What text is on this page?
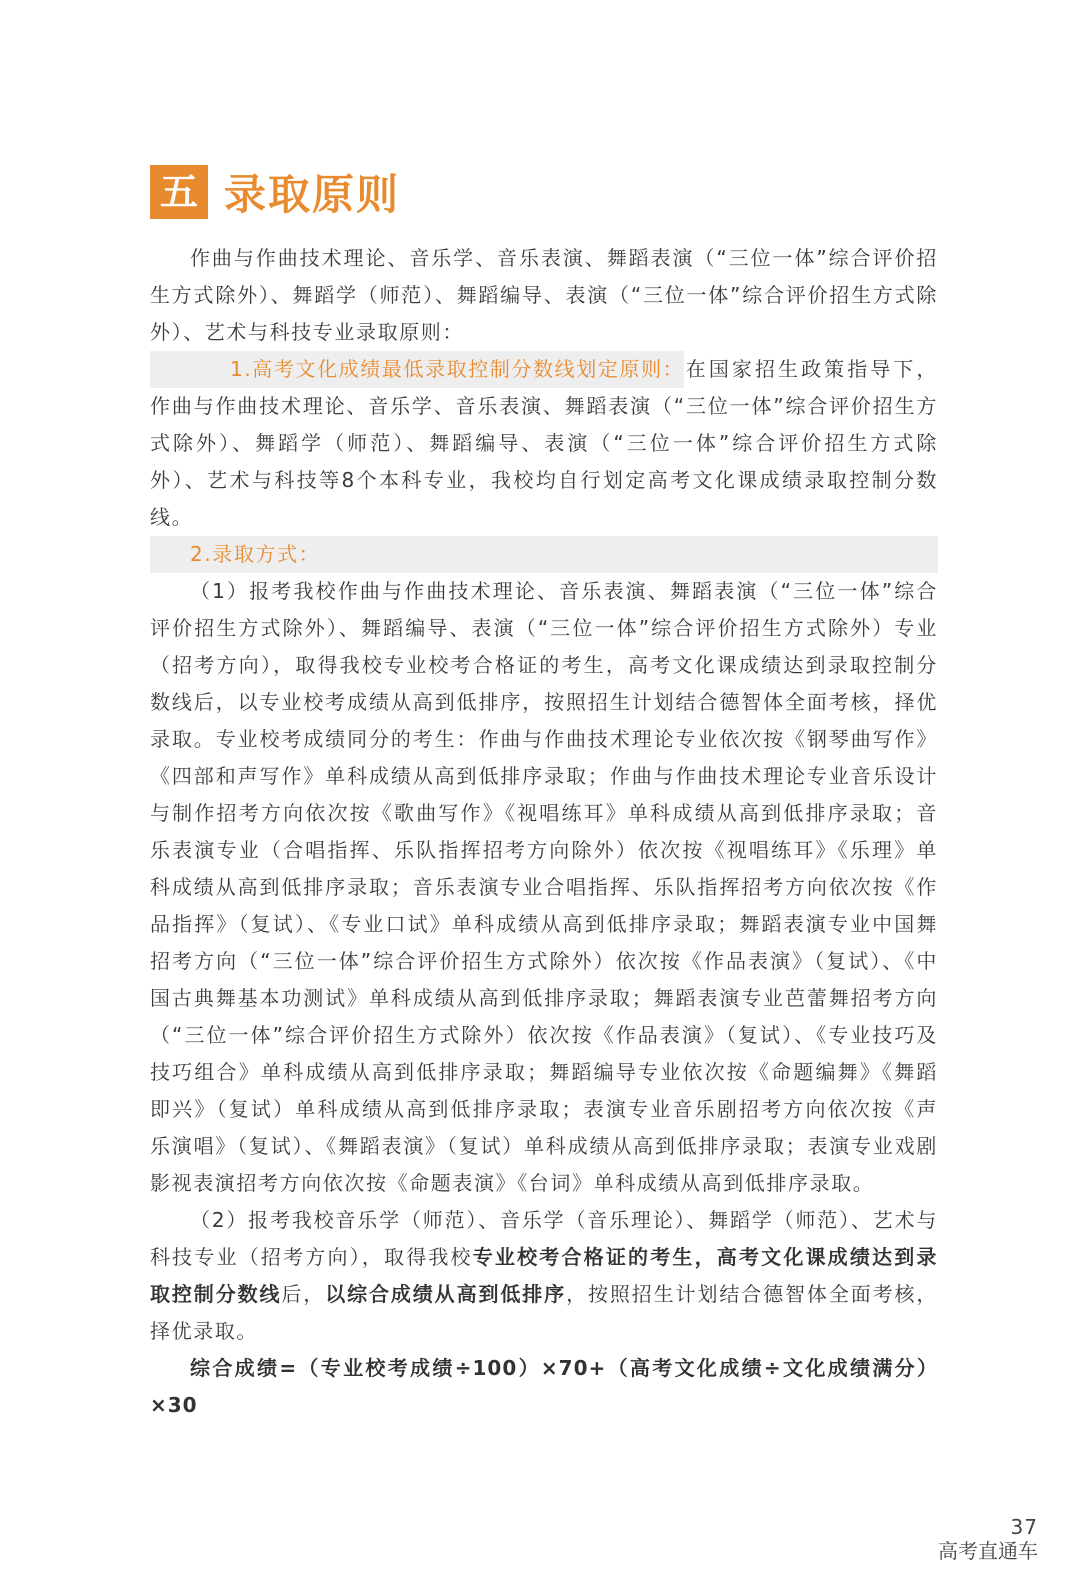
五 录取原则

作曲与作曲技术理论、音乐学、音乐表演、舞蹈表演（“三位一体”综合评价招生方式除外）、舞蹈学（师范）、舞蹈编导、表演（“三位一体”综合评价招生方式除外）、艺术与科技专业录取原则：

1.高考文化成绩最低录取控制分数线划定原则：在国家招生政策指导下，作曲与作曲技术理论、音乐学、音乐表演、舞蹈表演（“三位一体”综合评价招生方式除外）、舞蹈学（师范）、舞蹈编导、表演（“三位一体”综合评价招生方式除外）、艺术与科技等8个本科专业，我校均自行划定高考文化课成绩录取控制分数线。

2.录取方式：

（1）报考我校作曲与作曲技术理论、音乐表演、舞蹈表演（“三位一体”综合评价招生方式除外）、舞蹈编导、表演（“三位一体”综合评价招生方式除外）专业（招考方向），取得我校专业校考合格证的考生，高考文化课成绩达到录取控制分数线后，以专业校考成绩从高到低排序，按照招生计划结合德智体全面考核，择优录取。专业校考成绩同分的考生：作曲与作曲技术理论专业依次按《钢琴曲写作》《四部和声写作》单科成绩从高到低排序录取；作曲与作曲技术理论专业音乐设计与制作招考方向依次按《歌曲写作》《视唱练耳》单科成绩从高到低排序录取；音乐表演专业（合唱指挥、乐队指挥招考方向除外）依次按《视唱练耳》《乐理》单科成绩从高到低排序录取；音乐表演专业合唱指挥、乐队指挥招考方向依次按《作品指挥》（复试）、《专业口试》单科成绩从高到低排序录取；舞蹈表演专业中国舞招考方向（“三位一体”综合评价招生方式除外）依次按《作品表演》（复试）、《中国古典舞基本功测试》单科成绩从高到低排序录取；舞蹈表演专业芭蕾舞招考方向（“三位一体”综合评价招生方式除外）依次按《作品表演》（复试）、《专业技巧及技巧组合》单科成绩从高到低排序录取；舞蹈编导专业依次按《命题编舞》《舞蹈即兴》（复试）单科成绩从高到低排序录取；表演专业音乐剧招考方向依次按《声乐演唱》（复试）、《舞蹈表演》（复试）单科成绩从高到低排序录取；表演专业戏剧影视表演招考方向依次按《命题表演》《台词》单科成绩从高到低排序录取。

（2）报考我校音乐学（师范）、音乐学（音乐理论）、舞蹈学（师范）、艺术与科技专业（招考方向），取得我校专业校考合格证的考生，高考文化课成绩达到录取控制分数线后，以综合成绩从高到低排序，按照招生计划结合德智体全面考核，择优录取。

综合成绩=（专业校考成绩÷100）×70+（高考文化成绩÷文化成绩满分）×30

37
高考直通车
